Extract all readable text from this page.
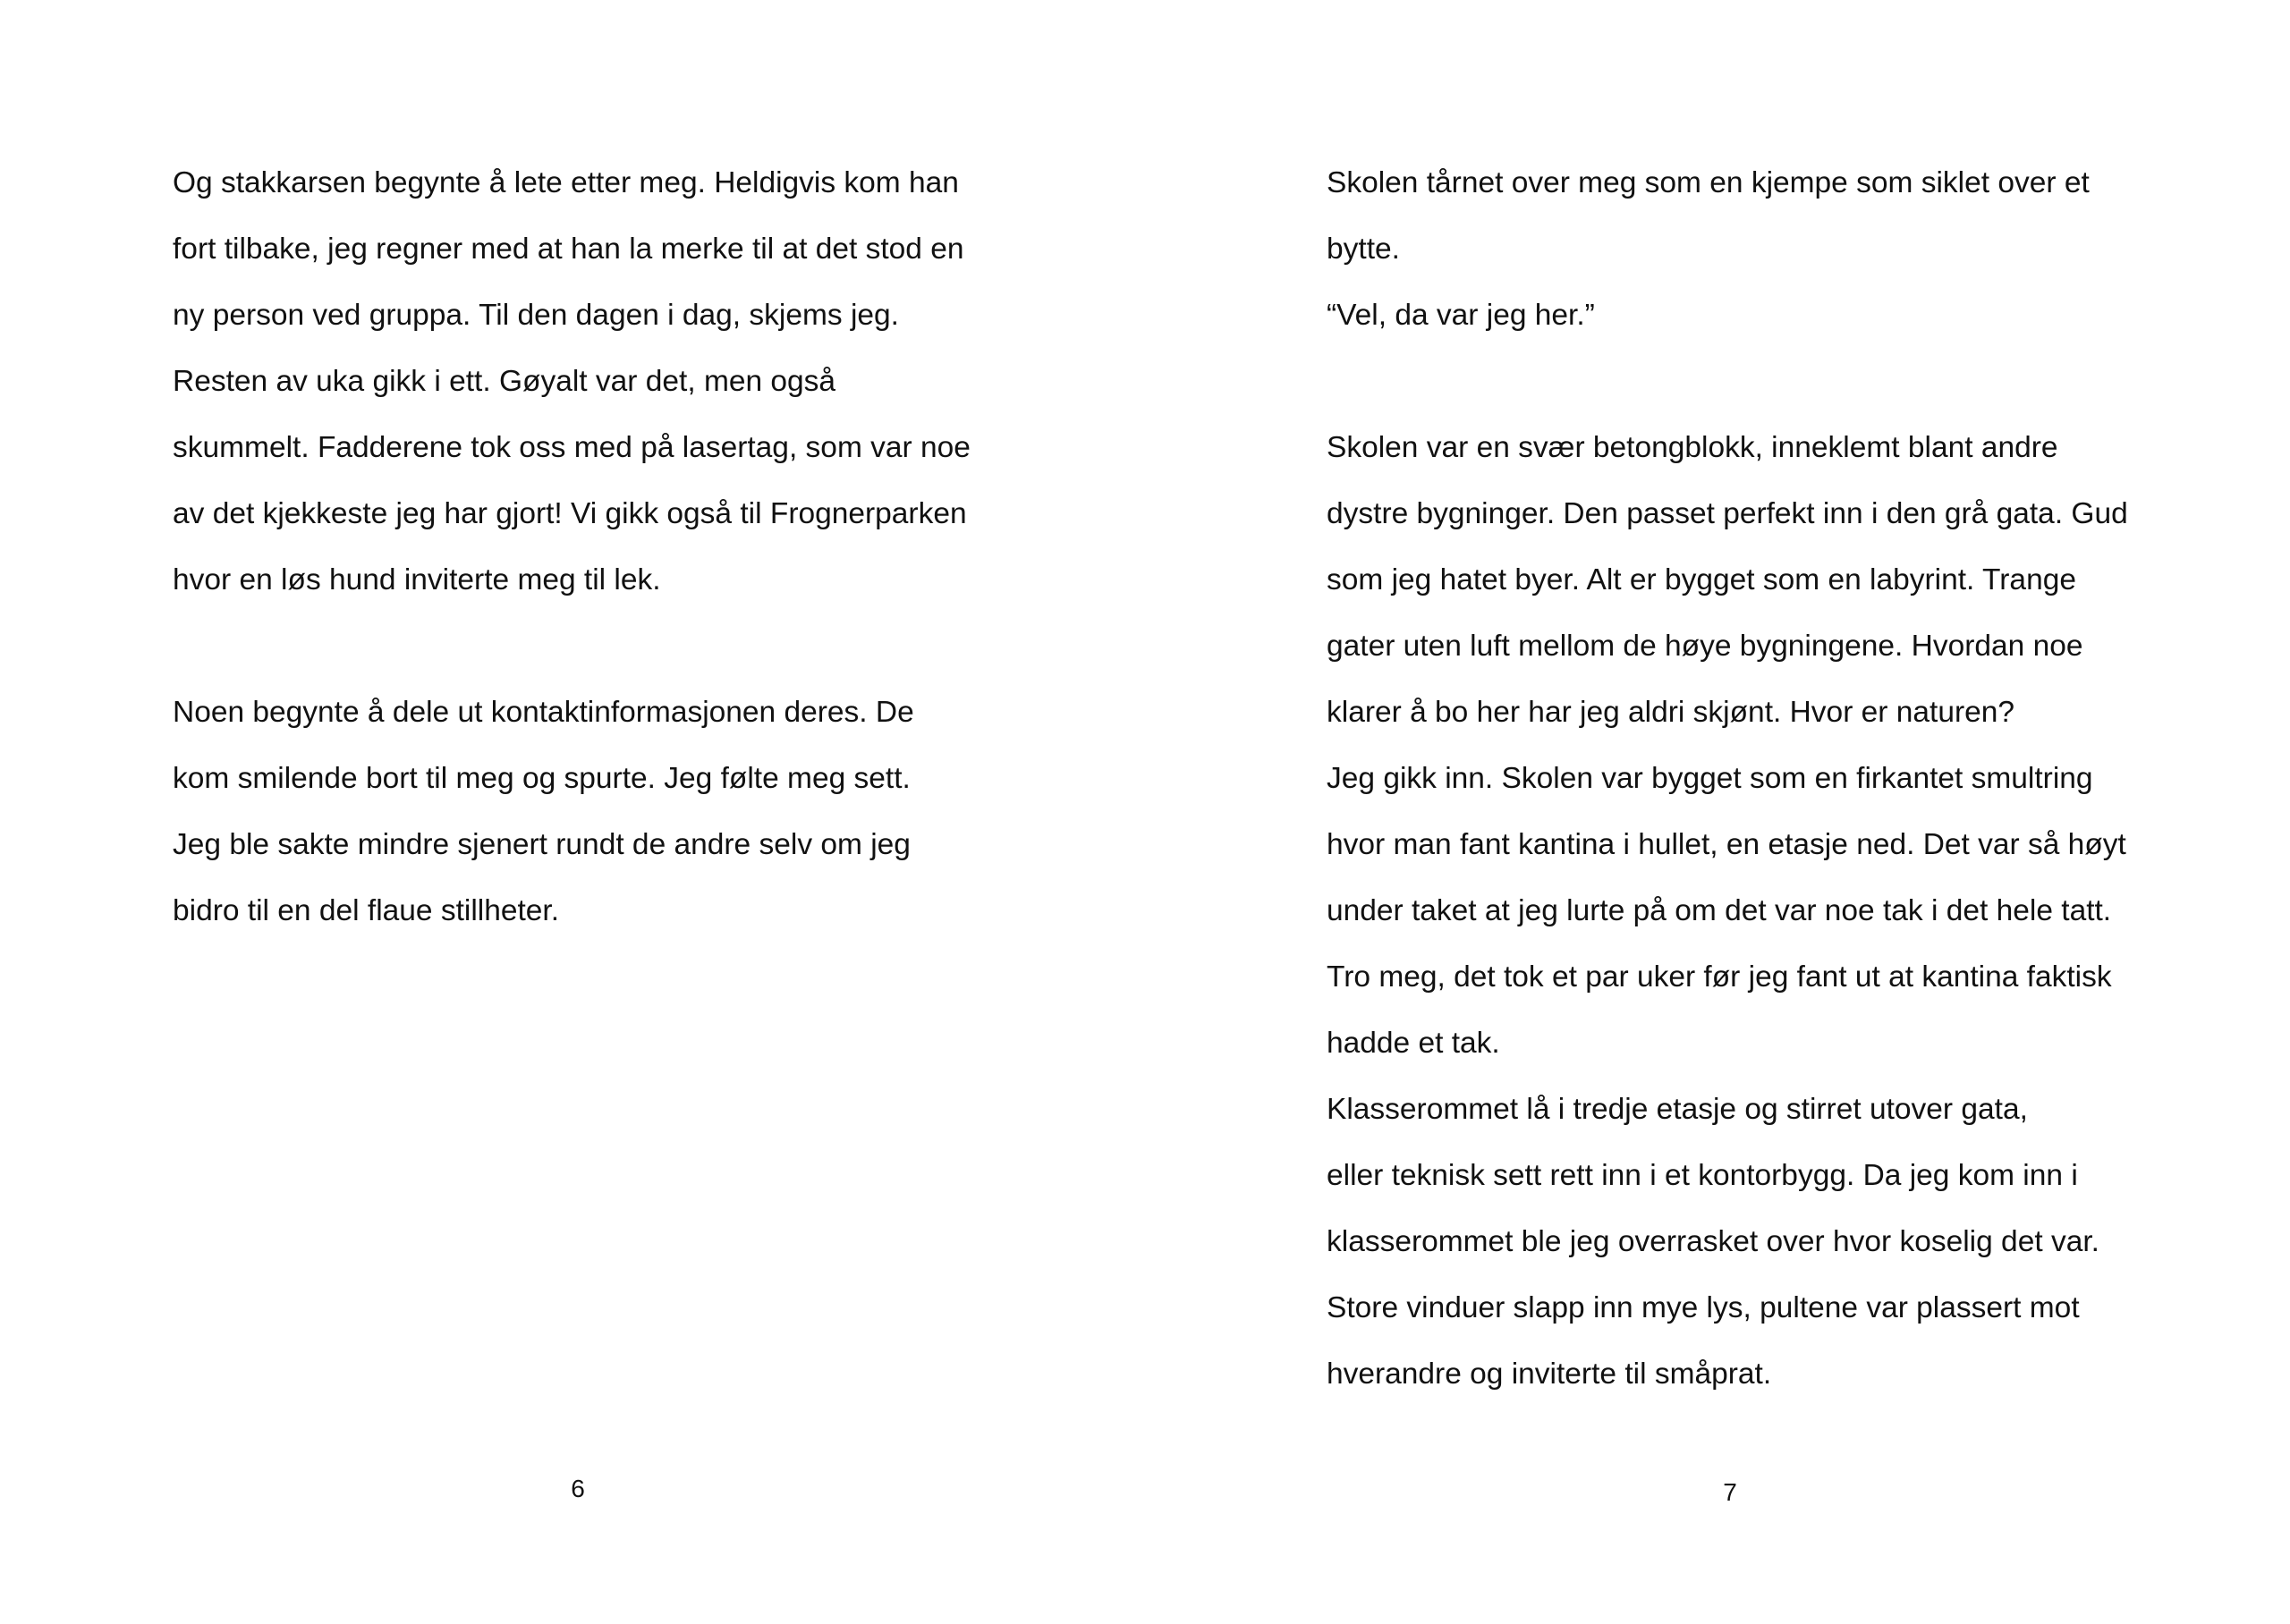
Og stakkarsen begynte å lete etter meg. Heldigvis kom han
fort tilbake, jeg regner med at han la merke til at det stod en
ny person ved gruppa. Til den dagen i dag, skjems jeg.
Resten av uka gikk i ett. Gøyalt var det, men også
skummelt. Fadderene tok oss med på lasertag, som var noe
av det kjekkeste jeg har gjort! Vi gikk også til Frognerparken
hvor en løs hund inviterte meg til lek.
Noen begynte å dele ut kontaktinformasjonen deres. De
kom smilende bort til meg og spurte. Jeg følte meg sett.
Jeg ble sakte mindre sjenert rundt de andre selv om jeg
bidro til en del flaue stillheter.
6
Skolen tårnet over meg som en kjempe som siklet over et
bytte.
“Vel, da var jeg her.”
Skolen var en svær betongblokk, inneklemt blant andre
dystre bygninger. Den passet perfekt inn i den grå gata. Gud
som jeg hatet byer. Alt er bygget som en labyrint. Trange
gater uten luft mellom de høye bygningene. Hvordan noe
klarer å bo her har jeg aldri skjønt. Hvor er naturen?
Jeg gikk inn. Skolen var bygget som en firkantet smultring
hvor man fant kantina i hullet, en etasje ned. Det var så høyt
under taket at jeg lurte på om det var noe tak i det hele tatt.
Tro meg, det tok et par uker før jeg fant ut at kantina faktisk
hadde et tak.
Klasserommet lå i tredje etasje og stirret utover gata,
eller teknisk sett rett inn i et kontorbygg. Da jeg kom inn i
klasserommet ble jeg overrasket over hvor koselig det var.
Store vinduer slapp inn mye lys, pultene var plassert mot
hverandre og inviterte til småprat.
7
